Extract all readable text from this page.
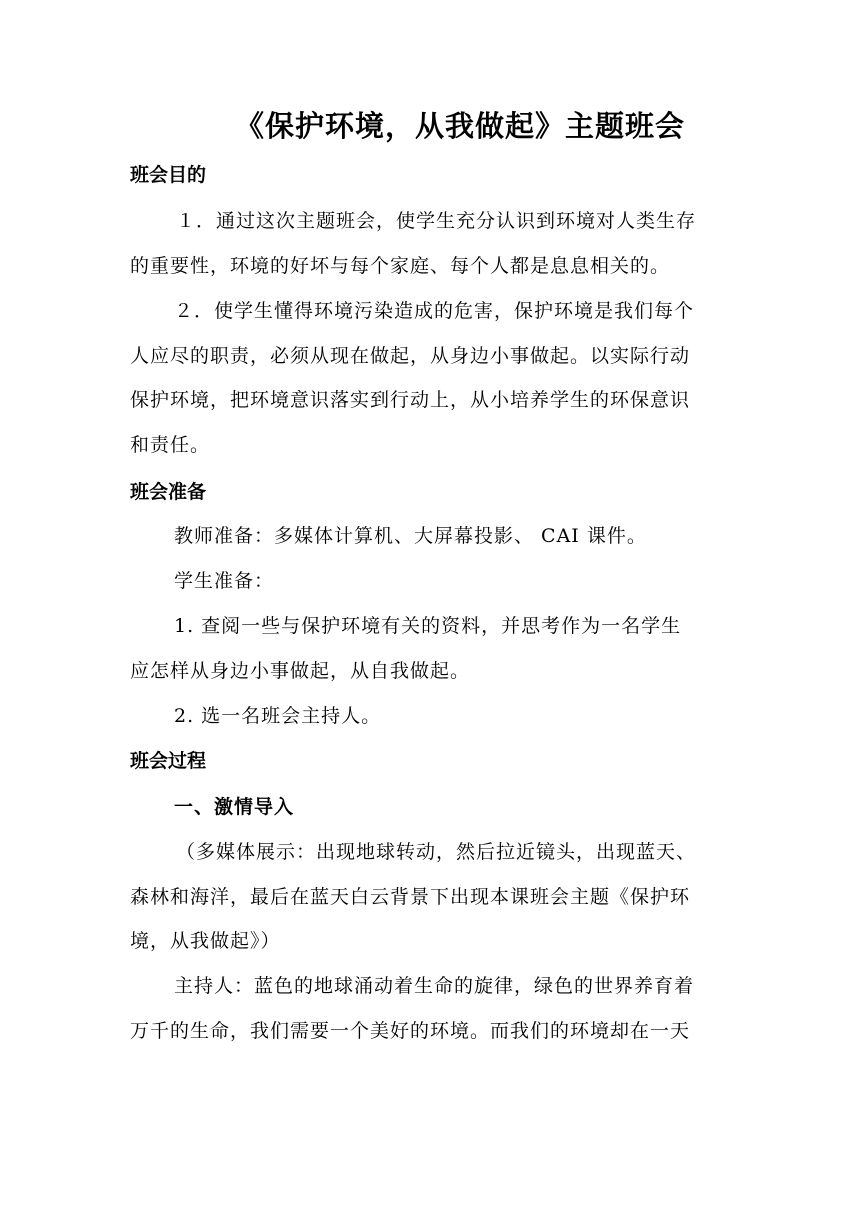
《保护环境，从我做起》主题班会
班会目的
１．通过这次主题班会，使学生充分认识到环境对人类生存
的重要性，环境的好坏与每个家庭、每个人都是息息相关的。
２．使学生懂得环境污染造成的危害，保护环境是我们每个
人应尽的职责，必须从现在做起，从身边小事做起。以实际行动
保护环境，把环境意识落实到行动上，从小培养学生的环保意识
和责任。
班会准备
教师准备：多媒体计算机、大屏幕投影、 CAI 课件。
学生准备：
1. 查阅一些与保护环境有关的资料，并思考作为一名学生
应怎样从身边小事做起，从自我做起。
2. 选一名班会主持人。
班会过程
一、激情导入
（多媒体展示：出现地球转动，然后拉近镜头，出现蓝天、
森林和海洋，最后在蓝天白云背景下出现本课班会主题《保护环
境，从我做起》）
主持人：蓝色的地球涌动着生命的旋律，绿色的世界养育着
万千的生命，我们需要一个美好的环境。而我们的环境却在一天
